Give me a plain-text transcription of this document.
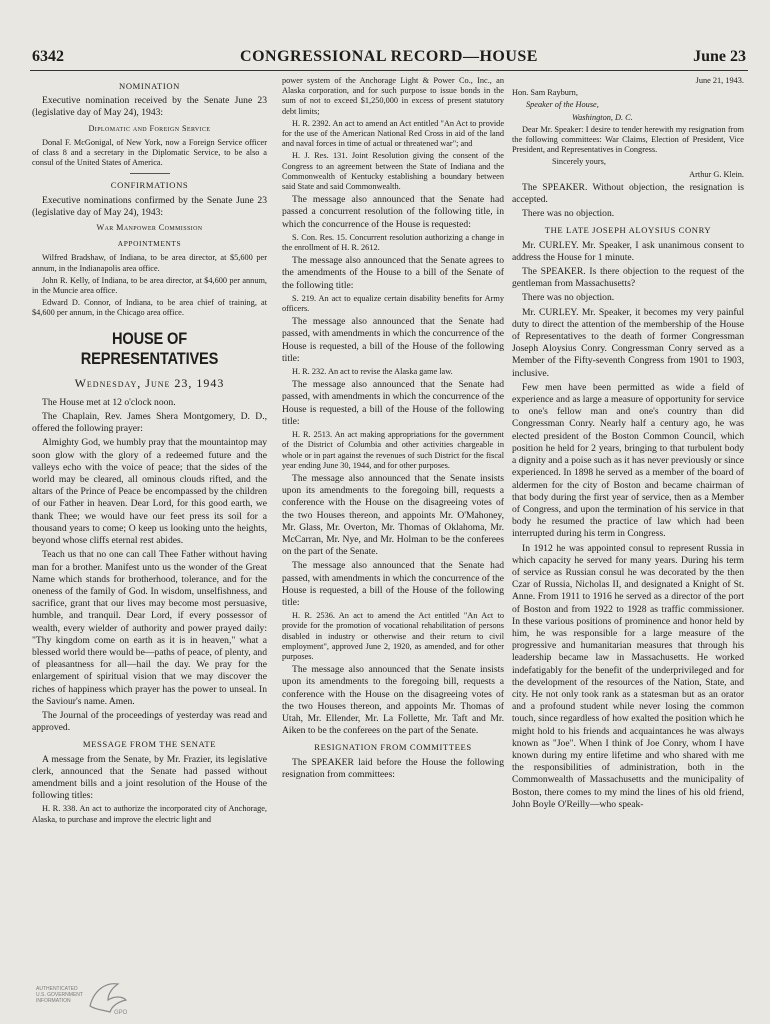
6342	CONGRESSIONAL RECORD—HOUSE	June 23

NOMINATION

Executive nomination received by the Senate June 23 (legislative day of May 24), 1943:

Diplomatic and Foreign Service

Donal F. McGonigal, of New York, now a Foreign Service officer of class 8 and a secretary in the Diplomatic Service, to be also a consul of the United States of America.

CONFIRMATIONS

Executive nominations confirmed by the Senate June 23 (legislative day of May 24), 1943:

War Manpower Commission

APPOINTMENTS

Wilfred Bradshaw, of Indiana, to be area director, at $5,600 per annum, in the Indianapolis area office.

John R. Kelly, of Indiana, to be area director, at $4,600 per annum, in the Muncie area office.

Edward D. Connor, of Indiana, to be area chief of training, at $4,600 per annum, in the Chicago area office.

HOUSE OF REPRESENTATIVES
Wednesday, June 23, 1943

The House met at 12 o'clock noon.

The Chaplain, Rev. James Shera Montgomery, D. D., offered the following prayer:

Almighty God, we humbly pray that the mountaintop may soon glow with the glory of a redeemed future and the valleys echo with the voice of peace; that the sides of the world may be cleared, all ominous clouds rifted, and the altars of the Prince of Peace be encompassed by the children of our Father in heaven. Dear Lord, for this good earth, we thank Thee; we would have our feet press its soil for a thousand years to come; O keep us looking unto the heights, beyond whose cliffs eternal rest abides.

Teach us that no one can call Thee Father without having man for a brother. Manifest unto us the wonder of the Great Name which stands for brotherhood, tolerance, and for the oneness of the family of God. In wisdom, unselfishness, and sacrifice, grant that our lives may become most persuasive, humble, and tranquil. Dear Lord, if every possessor of wealth, every wielder of authority and power prayed daily: "Thy kingdom come on earth as it is in heaven," what a blessed world there would be—paths of peace, of plenty, and of pleasantness for all—hail the day. We pray for the enlargement of spiritual vision that we may discover the riches of happiness which prayer has the power to unseal. In the Saviour's name. Amen.

The Journal of the proceedings of yesterday was read and approved.

MESSAGE FROM THE SENATE

A message from the Senate, by Mr. Frazier, its legislative clerk, announced that the Senate had passed without amendment bills and a joint resolution of the House of the following titles:

H. R. 338. An act to authorize the incorporated city of Anchorage, Alaska, to purchase and improve the electric light and

power system of the Anchorage Light & Power Co., Inc., an Alaska corporation, and for such purpose to issue bonds in the sum of not to exceed $1,250,000 in excess of present statutory debt limits;

H. R. 2392. An act to amend an Act entitled "An Act to provide for the use of the American National Red Cross in aid of the land and naval forces in time of actual or threatened war"; and

H. J. Res. 131. Joint Resolution giving the consent of the Congress to an agreement between the State of Indiana and the Commonwealth of Kentucky establishing a boundary between said State and said Commonwealth.

The message also announced that the Senate had passed a concurrent resolution of the following title, in which the concurrence of the House is requested:

S. Con. Res. 15. Concurrent resolution authorizing a change in the enrollment of H. R. 2612.

The message also announced that the Senate agrees to the amendments of the House to a bill of the Senate of the following title:

S. 219. An act to equalize certain disability benefits for Army officers.

The message also announced that the Senate had passed, with amendments in which the concurrence of the House is requested, a bill of the House of the following title:

H. R. 232. An act to revise the Alaska game law.

The message also announced that the Senate had passed, with amendments in which the concurrence of the House is requested, a bill of the House of the following title:

H. R. 2513. An act making appropriations for the government of the District of Columbia and other activities chargeable in whole or in part against the revenues of such District for the fiscal year ending June 30, 1944, and for other purposes.

The message also announced that the Senate insists upon its amendments to the foregoing bill, requests a conference with the House on the disagreeing votes of the two Houses thereon, and appoints Mr. O'Mahoney, Mr. Glass, Mr. Overton, Mr. Thomas of Oklahoma, Mr. McCarran, Mr. Nye, and Mr. Holman to be the conferees on the part of the Senate.

The message also announced that the Senate had passed, with amendments in which the concurrence of the House is requested, a bill of the House of the following title:

H. R. 2536. An act to amend the Act entitled "An Act to provide for the promotion of vocational rehabilitation of persons disabled in industry or otherwise and their return to civil employment", approved June 2, 1920, as amended, and for other purposes.

The message also announced that the Senate insists upon its amendments to the foregoing bill, requests a conference with the House on the disagreeing votes of the two Houses thereon, and appoints Mr. Thomas of Utah, Mr. Ellender, Mr. La Follette, Mr. Taft and Mr. Aiken to be the conferees on the part of the Senate.

RESIGNATION FROM COMMITTEES

The SPEAKER laid before the House the following resignation from committees:

June 21, 1943.

Hon. Sam Rayburn,

Speaker of the House,

Washington, D. C.

Dear Mr. Speaker: I desire to tender herewith my resignation from the following committees: War Claims, Election of President, Vice President, and Representatives in Congress.

Sincerely yours,

Arthur G. Klein.

The SPEAKER. Without objection, the resignation is accepted.

There was no objection.

THE LATE JOSEPH ALOYSIUS CONRY

Mr. CURLEY. Mr. Speaker, I ask unanimous consent to address the House for 1 minute.

The SPEAKER. Is there objection to the request of the gentleman from Massachusetts?

There was no objection.

Mr. CURLEY. Mr. Speaker, it becomes my very painful duty to direct the attention of the membership of the House of Representatives to the death of former Congressman Joseph Aloysius Conry. Congressman Conry served as a Member of the Fifty-seventh Congress from 1901 to 1903, inclusive.

Few men have been permitted as wide a field of experience and as large a measure of opportunity for service to one's fellow man and one's country than did Congressman Conry. Nearly half a century ago, he was elected president of the Boston Common Council, which position he held for 2 years, bringing to that turbulent body a dignity and a poise such as it has never previously or since experienced. In 1898 he served as a member of the board of aldermen for the city of Boston and became chairman of that body during the first year of service, then as a Member of Congress, and upon the termination of his service in that body he resumed the practice of law which had been interrupted during his term in Congress.

In 1912 he was appointed consul to represent Russia in which capacity he served for many years. During his term of service as Russian consul he was decorated by the then Czar of Russia, Nicholas II, and designated a Knight of St. Anne. From 1911 to 1916 he served as a director of the port of Boston and from 1922 to 1928 as traffic commissioner. In these various positions of prominence and honor held by him, he was responsible for a large measure of the progressive and humanitarian measures that through his leadership became law in Massachusetts. He worked indefatigably for the benefit of the underprivileged and for the development of the resources of the Nation, State, and city. He not only took rank as a statesman but as an orator and a profound student while never losing the common touch, since regardless of how exalted the position which he might hold to his friends and acquaintances he was always known as "Joe". When I think of Joe Conry, whom I have known during my entire lifetime and who shared with me the responsibilities of administration, both in the Commonwealth of Massachusetts and the municipality of Boston, there comes to my mind the lines of his old friend, John Boyle O'Reilly—who speak-

AUTHENTICATED
U.S. GOVERNMENT
INFORMATION
GPO
